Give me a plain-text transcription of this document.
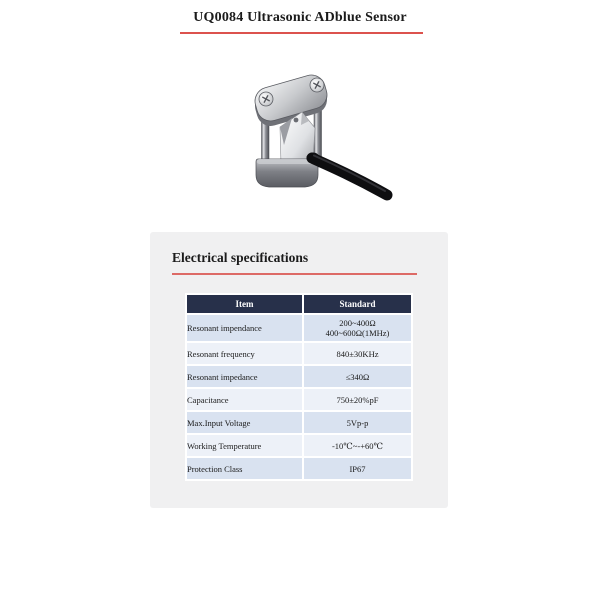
UQ0084 Ultrasonic ADblue Sensor
Electrical specifications
Item	Standard
Resonant impendance	200~400Ω
400~600Ω(1MHz)
Resonant frequency	840±30KHz
Resonant impedance	≤340Ω
Capacitance	750±20%pF
Max.Input Voltage	5Vp-p
Working Temperature	-10℃~-+60℃
Protection Class	IP67
